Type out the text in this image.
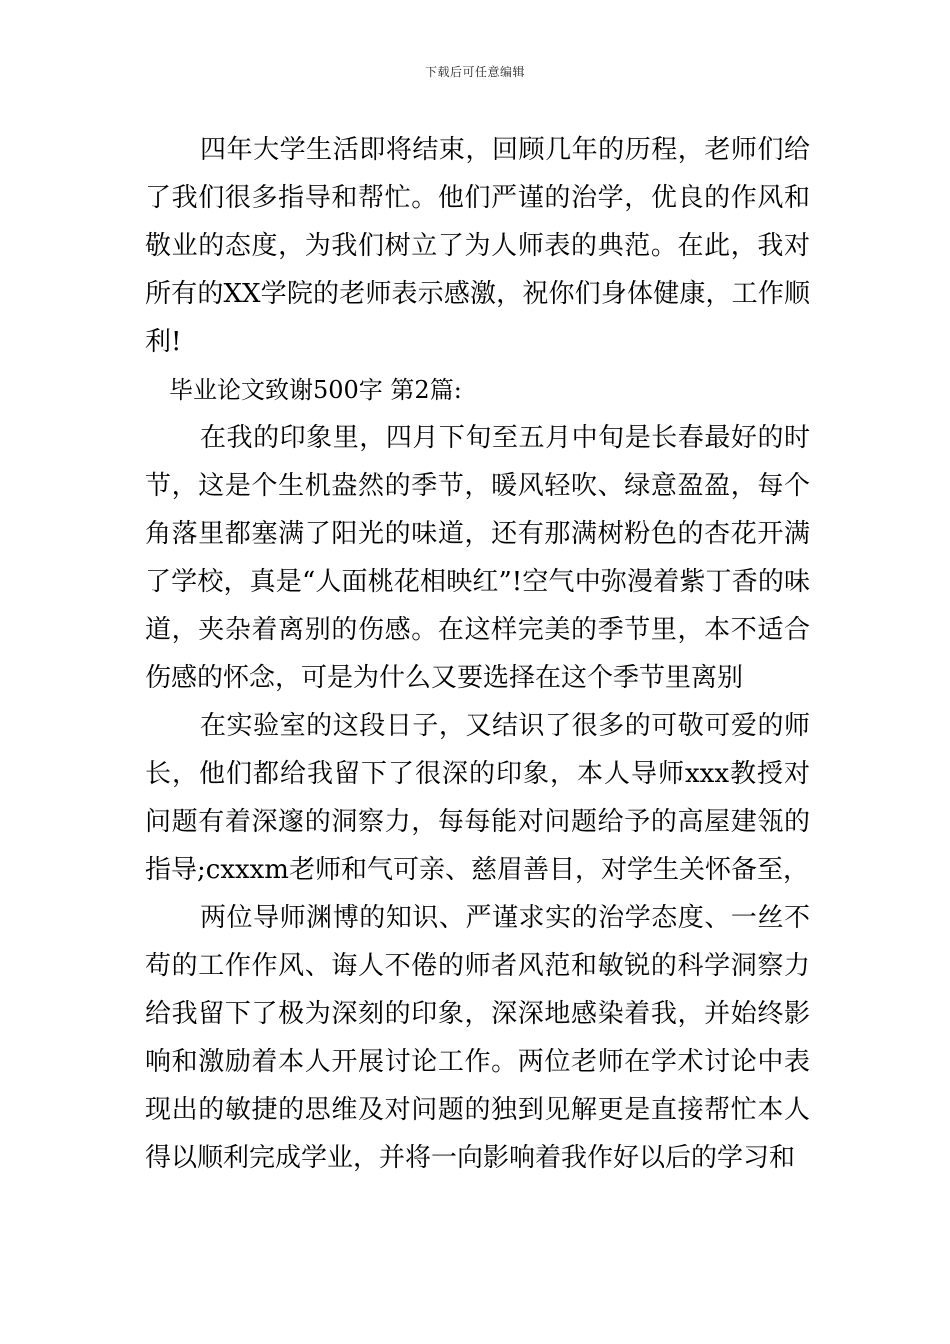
下载后可任意编辑

四年大学生活即将结束，回顾几年的历程，老师们给了我们很多指导和帮忙。他们严谨的治学，优良的作风和敬业的态度，为我们树立了为人师表的典范。在此，我对所有的XX学院的老师表示感激，祝你们身体健康，工作顺利!

毕业论文致谢500字 第2篇:

在我的印象里，四月下旬至五月中旬是长春最好的时节，这是个生机盎然的季节，暖风轻吹、绿意盈盈，每个角落里都塞满了阳光的味道，还有那满树粉色的杏花开满了学校，真是“人面桃花相映红”!空气中弥漫着紫丁香的味道，夹杂着离别的伤感。在这样完美的季节里，本不适合伤感的怀念，可是为什么又要选择在这个季节里离别

在实验室的这段日子，又结识了很多的可敬可爱的师长，他们都给我留下了很深的印象，本人导师xxx教授对问题有着深邃的洞察力，每每能对问题给予的高屋建瓴的指导;cxxxm老师和气可亲、慈眉善目，对学生关怀备至，

两位导师渊博的知识、严谨求实的治学态度、一丝不苟的工作作风、诲人不倦的师者风范和敏锐的科学洞察力给我留下了极为深刻的印象，深深地感染着我，并始终影响和激励着本人开展讨论工作。两位老师在学术讨论中表现出的敏捷的思维及对问题的独到见解更是直接帮忙本人得以顺利完成学业，并将一向影响着我作好以后的学习和
